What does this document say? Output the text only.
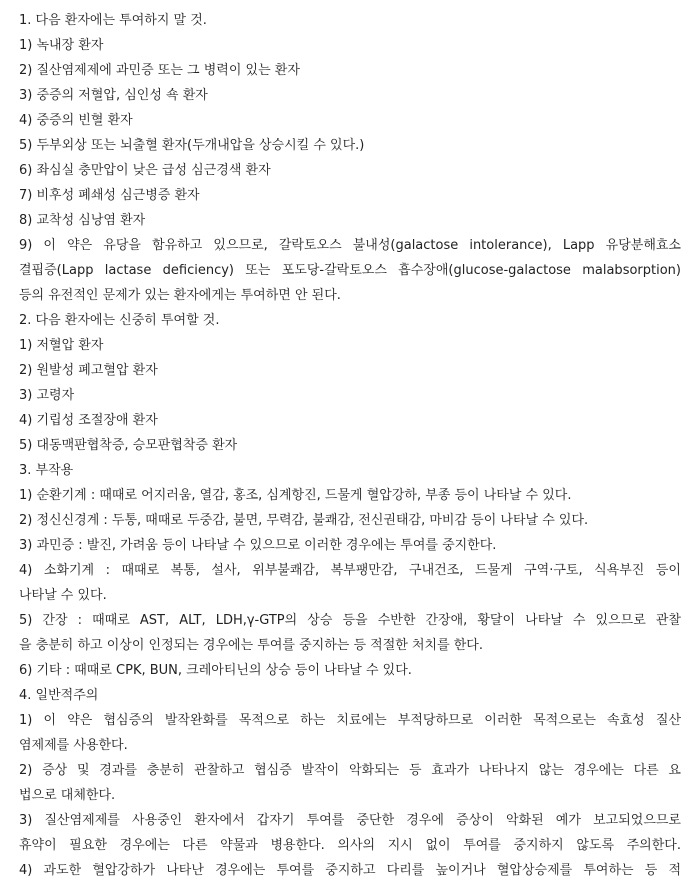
1. 다음 환자에는 투여하지 말 것.
1) 녹내장 환자
2) 질산염제제에 과민증 또는 그 병력이 있는 환자
3) 중증의 저혈압, 심인성 쇽 환자
4) 중증의 빈혈 환자
5) 두부외상 또는 뇌출혈 환자(두개내압을 상승시킬 수 있다.)
6) 좌심실 충만압이 낮은 급성 심근경색 환자
7) 비후성 폐쇄성 심근병증 환자
8) 교착성 심낭염 환자
9) 이 약은 유당을 함유하고 있으므로, 갈락토오스 불내성(galactose intolerance), Lapp 유당분해효소
결핍증(Lapp lactase deficiency) 또는 포도당-갈락토오스 흡수장애(glucose-galactose malabsorption)
등의 유전적인 문제가 있는 환자에게는 투여하면 안 된다.
2. 다음 환자에는 신중히 투여할 것.
1) 저혈압 환자
2) 원발성 폐고혈압 환자
3) 고령자
4) 기립성 조절장애 환자
5) 대동맥판협착증, 승모판협착증 환자
3. 부작용
1) 순환기계 : 때때로 어지러움, 열감, 홍조, 심계항진, 드물게 혈압강하, 부종 등이 나타날 수 있다.
2) 정신신경계 : 두통, 때때로 두중감, 불면, 무력감, 불쾌감, 전신권태감, 마비감 등이 나타날 수 있다.
3) 과민증 : 발진, 가려움 등이 나타날 수 있으므로 이러한 경우에는 투여를 중지한다.
4) 소화기계 : 때때로 복통, 설사, 위부불쾌감, 복부팽만감, 구내건조, 드물게 구역·구토, 식욕부진 등이
나타날 수 있다.
5) 간장 : 때때로 AST, ALT, LDH,γ-GTP의 상승 등을 수반한 간장애, 황달이 나타날 수 있으므로 관찰
을 충분히 하고 이상이 인정되는 경우에는 투여를 중지하는 등 적절한 처치를 한다.
6) 기타 : 때때로 CPK, BUN, 크레아티닌의 상승 등이 나타날 수 있다.
4. 일반적주의
1) 이 약은 협심증의 발작완화를 목적으로 하는 치료에는 부적당하므로 이러한 목적으로는 속효성 질산
염제제를 사용한다.
2) 증상 및 경과를 충분히 관찰하고 협심증 발작이 악화되는 등 효과가 나타나지 않는 경우에는 다른 요
법으로 대체한다.
3) 질산염제제를 사용중인 환자에서 갑자기 투여를 중단한 경우에 증상이 악화된 예가 보고되었으므로
휴약이 필요한 경우에는 다른 약물과 병용한다. 의사의 지시 없이 투여를 중지하지 않도록 주의한다.
4) 과도한 혈압강하가 나타난 경우에는 투여를 중지하고 다리를 높이거나 혈압상승제를 투여하는 등 적
